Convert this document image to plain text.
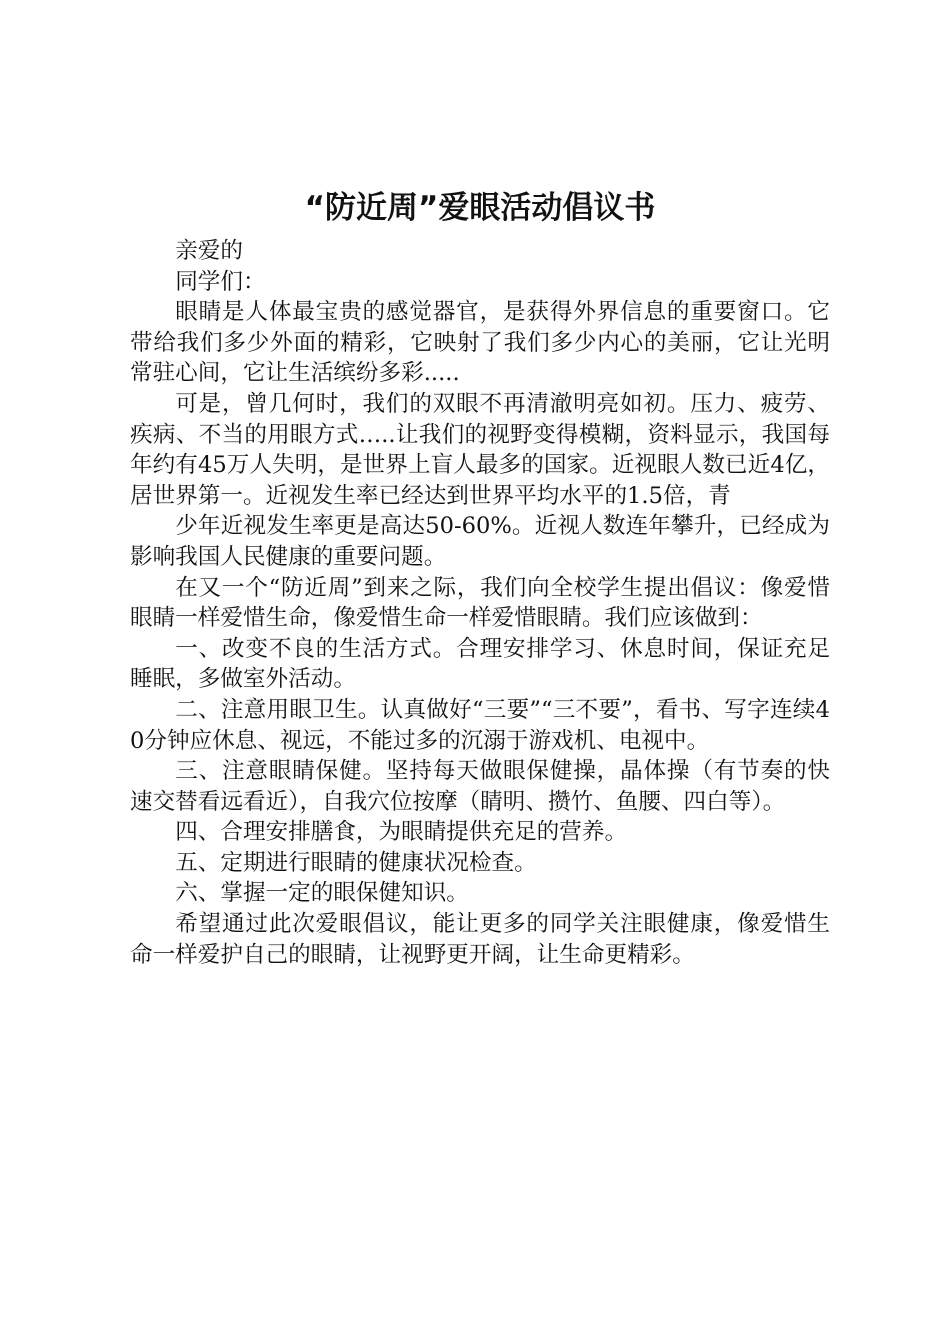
“防近周”爱眼活动倡议书

亲爱的

同学们：

眼睛是人体最宝贵的感觉器官，是获得外界信息的重要窗口。它带给我们多少外面的精彩，它映射了我们多少内心的美丽，它让光明常驻心间，它让生活缤纷多彩.....

可是，曾几何时，我们的双眼不再清澈明亮如初。压力、疲劳、疾病、不当的用眼方式…..让我们的视野变得模糊，资料显示，我国每年约有45万人失明，是世界上盲人最多的国家。近视眼人数已近4亿，居世界第一。近视发生率已经达到世界平均水平的1.5倍，青

少年近视发生率更是高达50-60%。近视人数连年攀升，已经成为影响我国人民健康的重要问题。

在又一个“防近周”到来之际，我们向全校学生提出倡议：像爱惜眼睛一样爱惜生命，像爱惜生命一样爱惜眼睛。我们应该做到：

一、改变不良的生活方式。合理安排学习、休息时间，保证充足睡眠，多做室外活动。

二、注意用眼卫生。认真做好“三要”“三不要”，看书、写字连续40分钟应休息、视远，不能过多的沉溺于游戏机、电视中。

三、注意眼睛保健。坚持每天做眼保健操，晶体操（有节奏的快速交替看远看近），自我穴位按摩（睛明、攒竹、鱼腰、四白等）。

四、合理安排膳食，为眼睛提供充足的营养。

五、定期进行眼睛的健康状况检查。

六、掌握一定的眼保健知识。

希望通过此次爱眼倡议，能让更多的同学关注眼健康，像爱惜生命一样爱护自己的眼睛，让视野更开阔，让生命更精彩。
